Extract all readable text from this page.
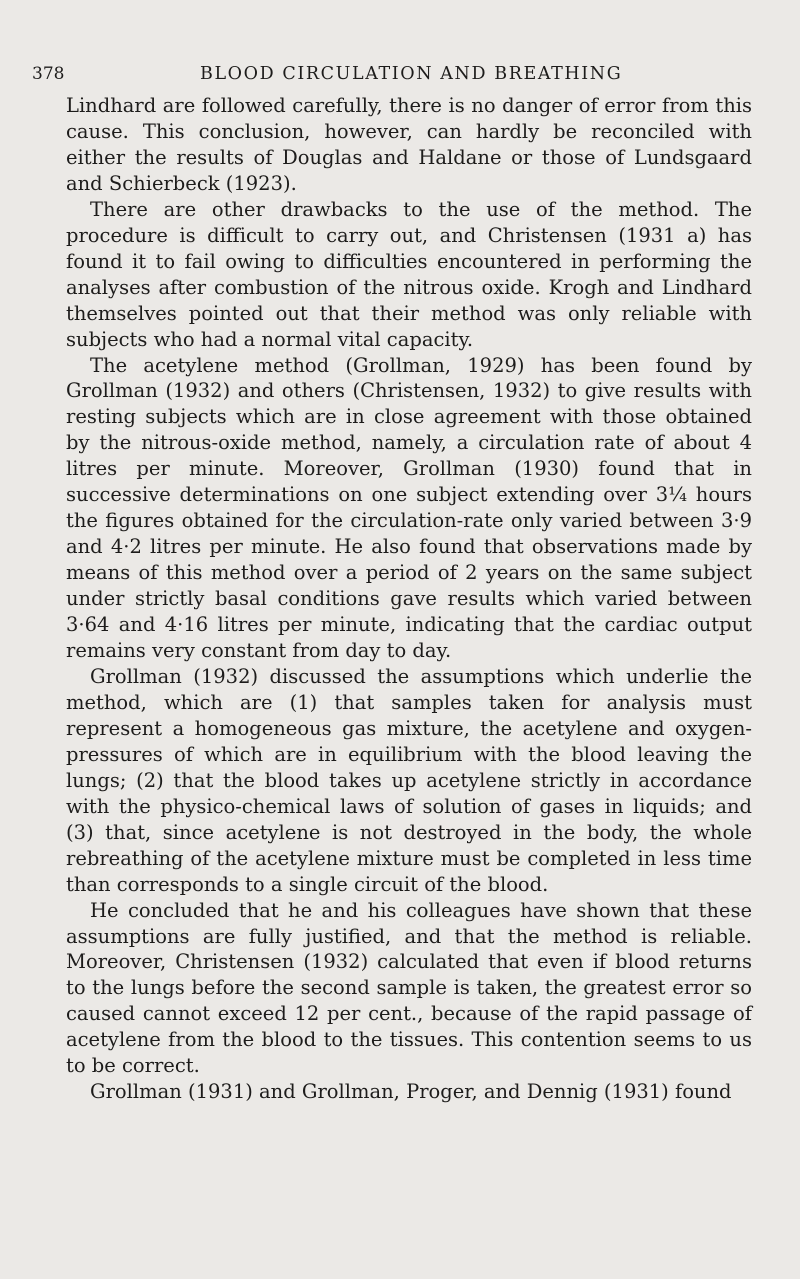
378	BLOOD CIRCULATION AND BREATHING

Lindhard are followed carefully, there is no danger of error from this cause. This conclusion, however, can hardly be reconciled with either the results of Douglas and Haldane or those of Lundsgaard and Schierbeck (1923).

There are other drawbacks to the use of the method. The procedure is difficult to carry out, and Christensen (1931 a) has found it to fail owing to difficulties encountered in performing the analyses after combustion of the nitrous oxide. Krogh and Lindhard themselves pointed out that their method was only reliable with subjects who had a normal vital capacity.

The acetylene method (Grollman, 1929) has been found by Grollman (1932) and others (Christensen, 1932) to give results with resting subjects which are in close agreement with those obtained by the nitrous-oxide method, namely, a circulation rate of about 4 litres per minute. Moreover, Grollman (1930) found that in successive determinations on one subject extending over 3¼ hours the figures obtained for the circulation-rate only varied between 3·9 and 4·2 litres per minute. He also found that observations made by means of this method over a period of 2 years on the same subject under strictly basal conditions gave results which varied between 3·64 and 4·16 litres per minute, indicating that the cardiac output remains very constant from day to day.

Grollman (1932) discussed the assumptions which underlie the method, which are (1) that samples taken for analysis must represent a homogeneous gas mixture, the acetylene and oxygen-pressures of which are in equilibrium with the blood leaving the lungs; (2) that the blood takes up acetylene strictly in accordance with the physico-chemical laws of solution of gases in liquids; and (3) that, since acetylene is not destroyed in the body, the whole rebreathing of the acetylene mixture must be completed in less time than corresponds to a single circuit of the blood.

He concluded that he and his colleagues have shown that these assumptions are fully justified, and that the method is reliable. Moreover, Christensen (1932) calculated that even if blood returns to the lungs before the second sample is taken, the greatest error so caused cannot exceed 12 per cent., because of the rapid passage of acetylene from the blood to the tissues. This contention seems to us to be correct.

Grollman (1931) and Grollman, Proger, and Dennig (1931) found
